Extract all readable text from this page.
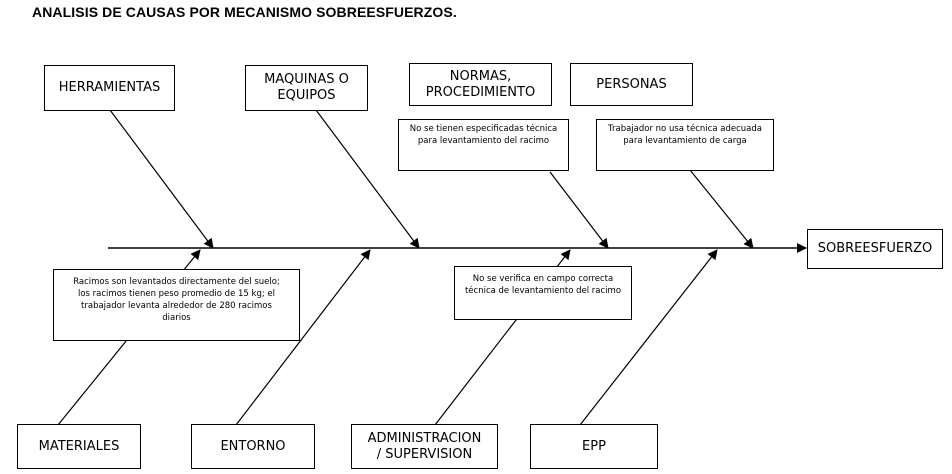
ANALISIS DE CAUSAS POR MECANISMO SOBREESFUERZOS.
HERRAMIENTAS
MAQUINAS O
EQUIPOS
NORMAS,
PROCEDIMIENTO
PERSONAS
No se tienen especificadas técnica
para levantamiento del racimo
Trabajador no usa técnica adecuada
para levantamiento de carga
SOBREESFUERZO
Racimos son levantados directamente del suelo;
los racimos tienen peso promedio de 15 kg; el
trabajador levanta alrededor de 280 racimos
diarios
No se verifica en campo correcta
técnica de levantamiento del racimo
MATERIALES	ENTORNO
ADMINISTRACION
/ SUPERVISION
EPP
